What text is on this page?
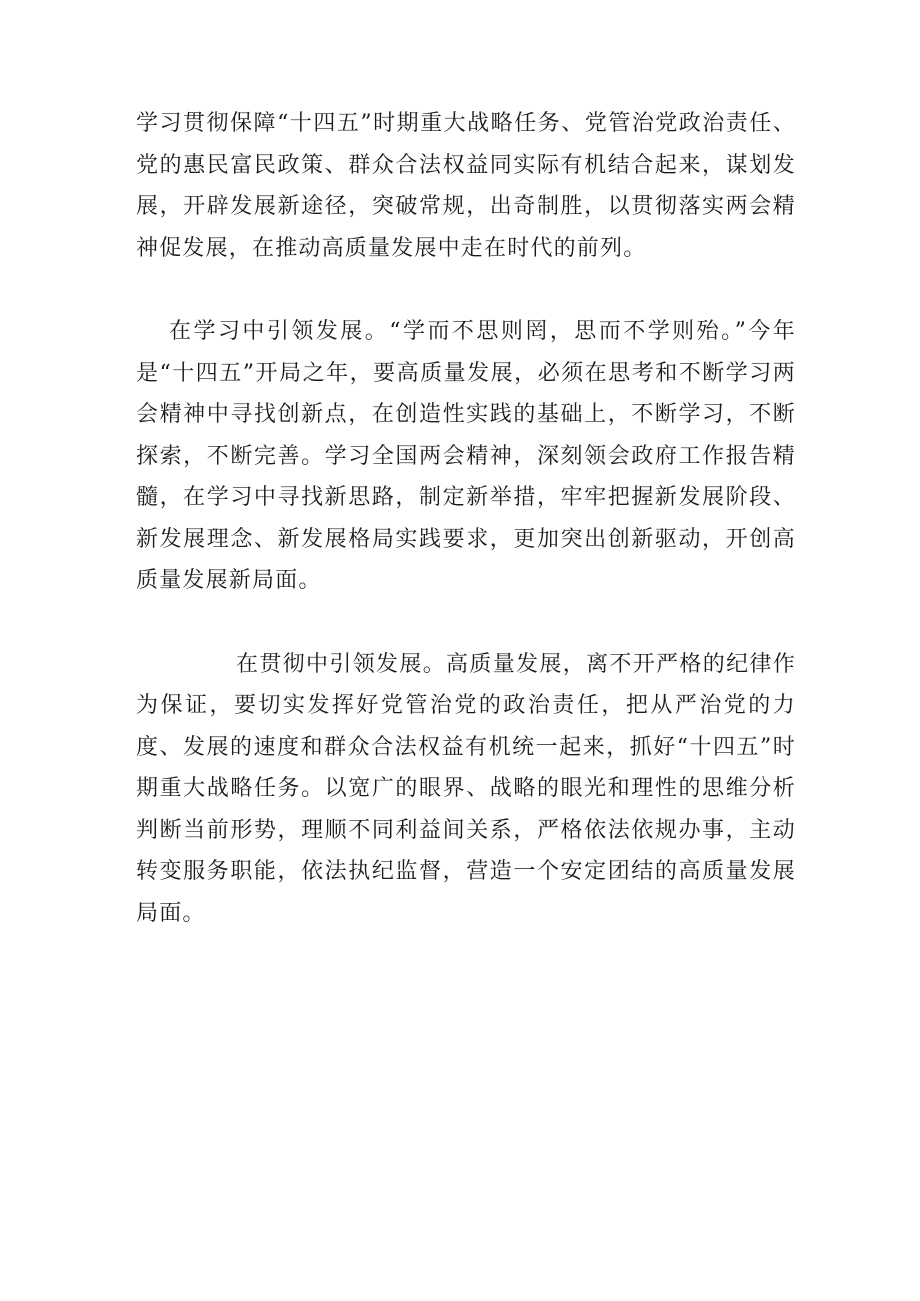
学习贯彻保障“十四五”时期重大战略任务、党管治党政治责任、党的惠民富民政策、群众合法权益同实际有机结合起来，谋划发展，开辟发展新途径，突破常规，出奇制胜，以贯彻落实两会精神促发展，在推动高质量发展中走在时代的前列。

在学习中引领发展。“学而不思则罔，思而不学则殆。”今年是“十四五”开局之年，要高质量发展，必须在思考和不断学习两会精神中寻找创新点，在创造性实践的基础上，不断学习，不断探索，不断完善。学习全国两会精神，深刻领会政府工作报告精髓，在学习中寻找新思路，制定新举措，牢牢把握新发展阶段、新发展理念、新发展格局实践要求，更加突出创新驱动，开创高质量发展新局面。

在贯彻中引领发展。高质量发展，离不开严格的纪律作为保证，要切实发挥好党管治党的政治责任，把从严治党的力度、发展的速度和群众合法权益有机统一起来，抓好“十四五”时期重大战略任务。以宽广的眼界、战略的眼光和理性的思维分析判断当前形势，理顺不同利益间关系，严格依法依规办事，主动转变服务职能，依法执纪监督，营造一个安定团结的高质量发展局面。
